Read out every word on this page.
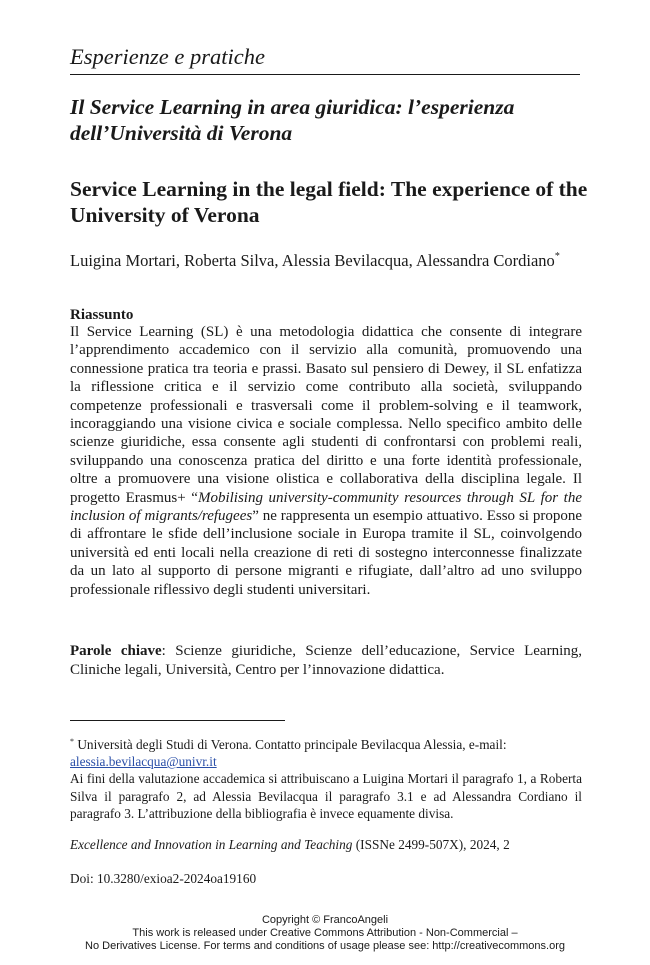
Esperienze e pratiche
Il Service Learning in area giuridica: l’esperienza dell’Università di Verona
Service Learning in the legal field: The experience of the University of Verona
Luigina Mortari, Roberta Silva, Alessia Bevilacqua, Alessandra Cordiano*
Riassunto
Il Service Learning (SL) è una metodologia didattica che consente di integrare l’apprendimento accademico con il servizio alla comunità, promuovendo una connessione pratica tra teoria e prassi. Basato sul pensiero di Dewey, il SL enfatizza la riflessione critica e il servizio come contributo alla società, sviluppando competenze professionali e trasversali come il problem-solving e il teamwork, incoraggiando una visione civica e sociale complessa. Nello specifico ambito delle scienze giuridiche, essa consente agli studenti di confrontarsi con problemi reali, sviluppando una conoscenza pratica del diritto e una forte identità professionale, oltre a promuovere una visione olistica e collaborativa della disciplina legale. Il progetto Erasmus+ “Mobilising university-community resources through SL for the inclusion of migrants/refugees” ne rappresenta un esempio attuativo. Esso si propone di affrontare le sfide dell’inclusione sociale in Europa tramite il SL, coinvolgendo università ed enti locali nella creazione di reti di sostegno interconnesse finalizzate da un lato al supporto di persone migranti e rifugiate, dall’altro ad uno sviluppo professionale riflessivo degli studenti universitari.
Parole chiave: Scienze giuridiche, Scienze dell’educazione, Service Learning, Cliniche legali, Università, Centro per l’innovazione didattica.
* Università degli Studi di Verona. Contatto principale Bevilacqua Alessia, e-mail:
alessia.bevilacqua@univr.it
Ai fini della valutazione accademica si attribuiscano a Luigina Mortari il paragrafo 1, a Roberta Silva il paragrafo 2, ad Alessia Bevilacqua il paragrafo 3.1 e ad Alessandra Cordiano il paragrafo 3. L’attribuzione della bibliografia è invece equamente divisa.
Excellence and Innovation in Learning and Teaching (ISSNe 2499-507X), 2024, 2
Doi: 10.3280/exioa2-2024oa19160
Copyright © FrancoAngeli
This work is released under Creative Commons Attribution - Non-Commercial –
No Derivatives License. For terms and conditions of usage please see: http://creativecommons.org
